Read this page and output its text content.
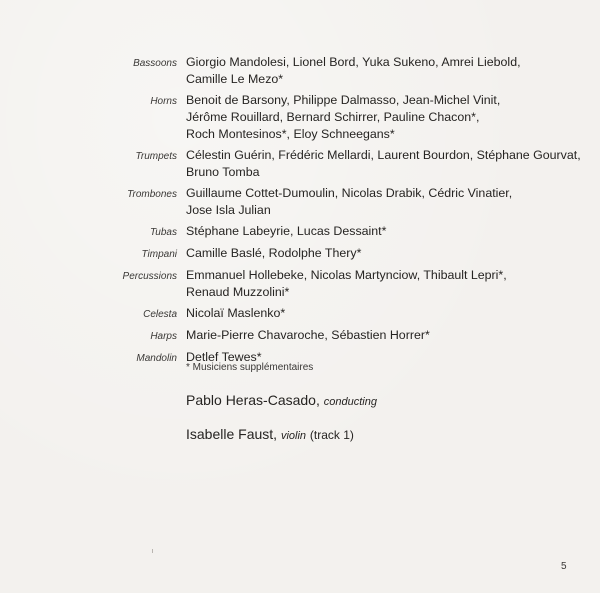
Bassoons Giorgio Mandolesi, Lionel Bord, Yuka Sukeno, Amrei Liebold,
Camille Le Mezo*
Horns Benoit de Barsony, Philippe Dalmasso, Jean-Michel Vinit,
Jérôme Rouillard, Bernard Schirrer, Pauline Chacon*,
Roch Montesinos*, Eloy Schneegans*
Trumpets Célestin Guérin, Frédéric Mellardi, Laurent Bourdon, Stéphane Gourvat,
Bruno Tomba
Trombones Guillaume Cottet-Dumoulin, Nicolas Drabik, Cédric Vinatier,
Jose Isla Julian
Tubas Stéphane Labeyrie, Lucas Dessaint*
Timpani Camille Baslé, Rodolphe Thery*
Percussions Emmanuel Hollebeke, Nicolas Martynciow, Thibault Lepri*,
Renaud Muzzolini*
Celesta Nicolaï Maslenko*
Harps Marie-Pierre Chavaroche, Sébastien Horrer*
Mandolin Detlef Tewes*
* Musiciens supplémentaires
Pablo Heras-Casado, conducting
Isabelle Faust, violin (track 1)
5
